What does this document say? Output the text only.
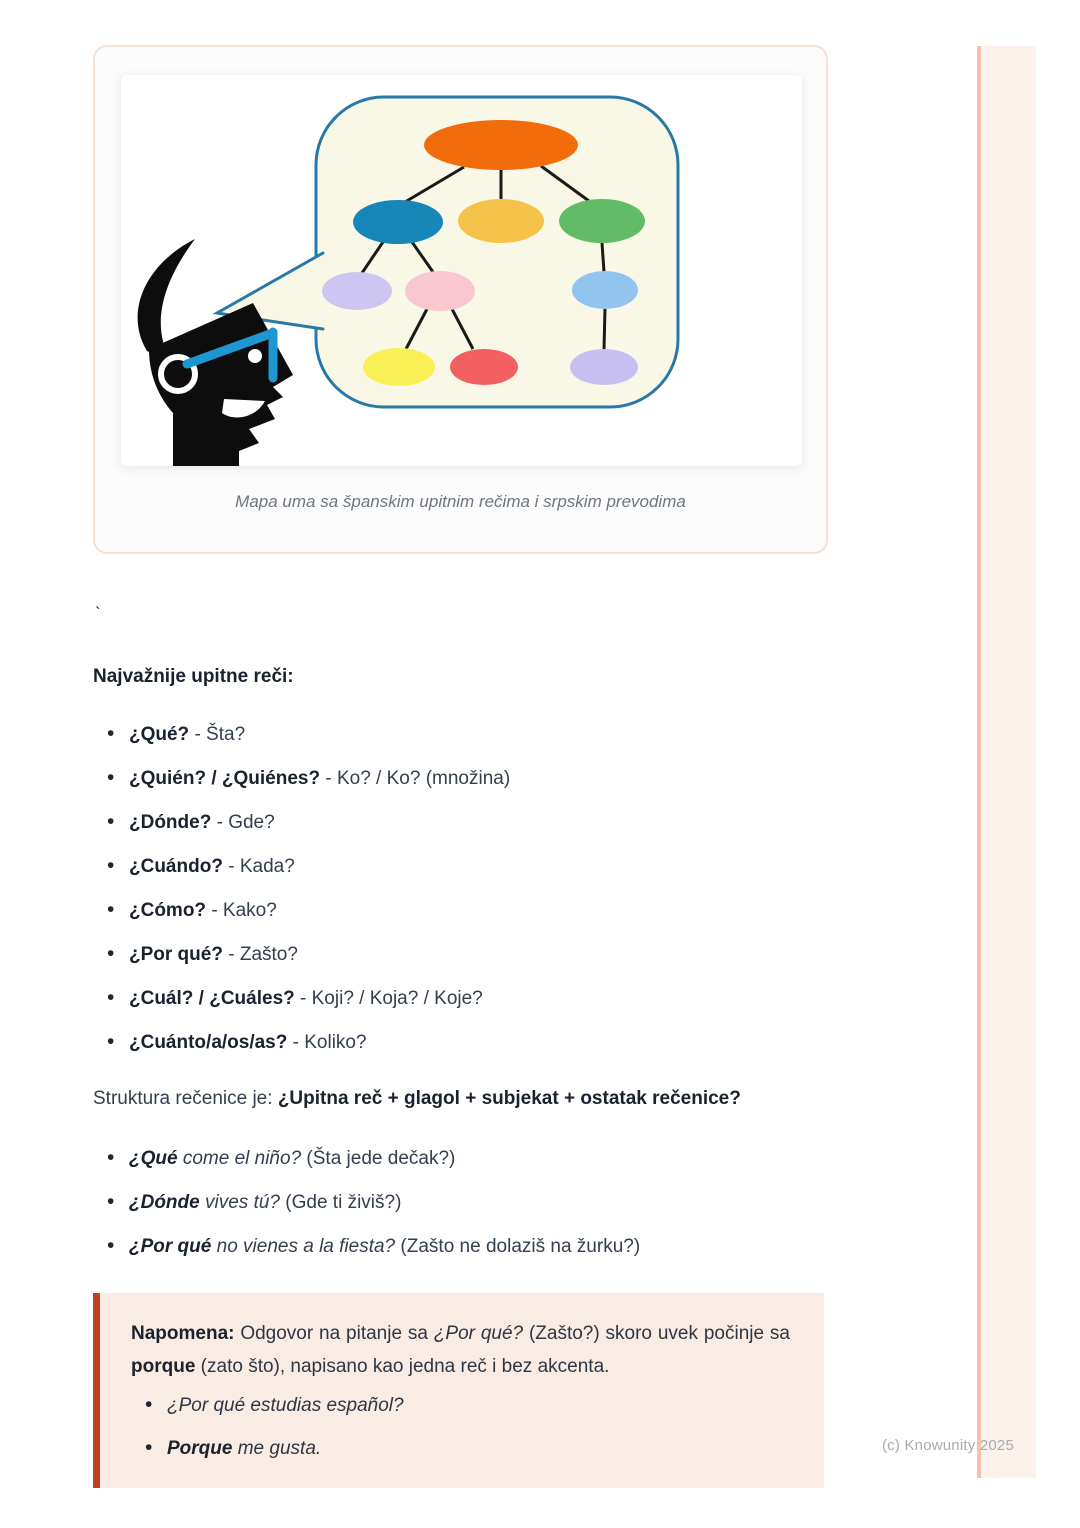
(c) Knowunity 2025
Mapa uma sa španskim upitnim rečima i srpskim prevodima
`
Najvažnije upitne reči:
• ¿Qué? - Šta?
• ¿Quién? / ¿Quiénes? - Ko? / Ko? (množina)
• ¿Dónde? - Gde?
• ¿Cuándo? - Kada?
• ¿Cómo? - Kako?
• ¿Por qué? - Zašto?
• ¿Cuál? / ¿Cuáles? - Koji? / Koja? / Koje?
• ¿Cuánto/a/os/as? - Koliko?

Struktura rečenice je: ¿Upitna reč + glagol + subjekat + ostatak rečenice?

• ¿Qué come el niño? (Šta jede dečak?)
• ¿Dónde vives tú? (Gde ti živiš?)
• ¿Por qué no vienes a la fiesta? (Zašto ne dolaziš na žurku?)

Napomena: Odgovor na pitanje sa ¿Por qué? (Zašto?) skoro uvek počinje sa porque (zato što), napisano kao jedna reč i bez akcenta.

• ¿Por qué estudias español?
• Porque me gusta.
